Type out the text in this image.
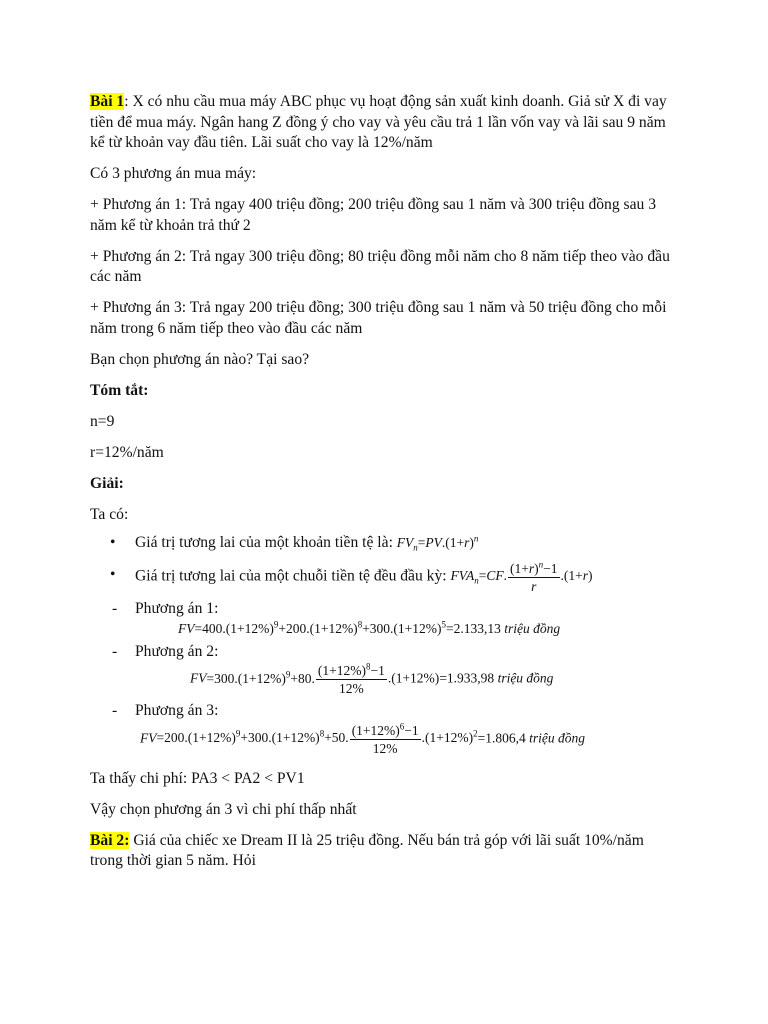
Bài 1: X có nhu cầu mua máy ABC phục vụ hoạt động sản xuất kinh doanh. Giả sử X đi vay tiền để mua máy. Ngân hang Z đồng ý cho vay và yêu cầu trả 1 lần vốn vay và lãi sau 9 năm kể từ khoản vay đầu tiên. Lãi suất cho vay là 12%/năm

Có 3 phương án mua máy:

+ Phương án 1: Trả ngay 400 triệu đồng; 200 triệu đồng sau 1 năm và 300 triệu đồng sau 3 năm kể từ khoản trả thứ 2

+ Phương án 2: Trả ngay 300 triệu đồng; 80 triệu đồng mỗi năm cho 8 năm tiếp theo vào đầu các năm

+ Phương án 3: Trả ngay 200 triệu đồng; 300 triệu đồng sau 1 năm và 50 triệu đồng cho mỗi năm trong 6 năm tiếp theo vào đầu các năm

Bạn chọn phương án nào? Tại sao?

Tóm tắt:

n=9

r=12%/năm

Giải:

Ta có:

• Giá trị tương lai của một khoản tiền tệ là: $FV_n=PV.(1+r)^n$
• Giá trị tương lai của một chuỗi tiền tệ đều đầu kỳ: $FVA_n=CF$. $\frac{(1+r)^n-1}{r} .(1+r)$
- Phương án 1:
$FV=400.(1+12\%)^9+200.(1+12\%)^8+300.(1+12\%)^5=2.133,13$ triệu đồng
- Phương án 2:
$FV=300.(1+12\%)^9+80$. $\frac{(1+12\%)^8-1}{12\%} .(1+12\%)=1.933,98$ triệu đồng
- Phương án 3:
$FV=200.(1+12\%)^9+300.(1+12\%)^8+50$. $\frac{(1+12\%)^6-1}{12\%} .(1+12\%)^2=1.806,4$ triệu đồng

Ta thấy chi phí: PA3 < PA2 < PV1

Vậy chọn phương án 3 vì chi phí thấp nhất

Bài 2: Giá của chiếc xe Dream II là 25 triệu đồng. Nếu bán trả góp với lãi suất 10%/năm trong thời gian 5 năm. Hỏi
